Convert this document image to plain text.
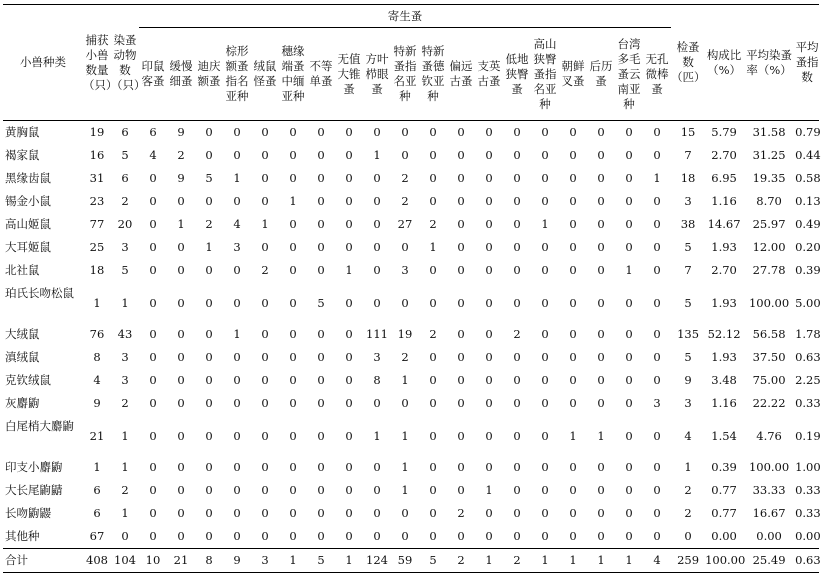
小兽种类	捕获小兽数量（只）	染蚤动物数（只）	寄生蚤																			检蚤数（匹）	构成比（%）	平均染蚤率（%）	平均蚤指数
			印鼠客蚤	缓慢细蚤	迪庆额蚤	棕形额蚤指名亚种	绒鼠怪蚤	穗缘端蚤中缅亚种	不等单蚤	无值大锥蚤	方叶栉眼蚤	特新蚤指名亚种	特新蚤德钦亚种	偏远古蚤	支英古蚤	低地狭臀蚤	高山狭臀蚤指名亚种	朝鲜叉蚤	后历蚤	台湾多毛蚤云南亚种	无孔微棒蚤				
黄胸鼠	19	6	6	9	0	0	0	0	0	0	0	0	0	0	0	0	0	0	0	0	0	15	5.79	31.58	0.79
褐家鼠	16	5	4	2	0	0	0	0	0	0	1	0	0	0	0	0	0	0	0	0	0	7	2.70	31.25	0.44
黑缘齿鼠	31	6	0	9	5	1	0	0	0	0	0	2	0	0	0	0	0	0	0	0	1	18	6.95	19.35	0.58
锡金小鼠	23	2	0	0	0	0	0	1	0	0	0	2	0	0	0	0	0	0	0	0	0	3	1.16	8.70	0.13
高山姬鼠	77	20	0	1	2	4	1	0	0	0	0	27	2	0	0	0	1	0	0	0	0	38	14.67	25.97	0.49
大耳姬鼠	25	3	0	0	1	3	0	0	0	0	0	0	1	0	0	0	0	0	0	0	0	5	1.93	12.00	0.20
北社鼠	18	5	0	0	0	0	2	0	0	1	0	3	0	0	0	0	0	0	0	1	0	7	2.70	27.78	0.39
珀氏长吻松鼠	1	1	0	0	0	0	0	0	5	0	0	0	0	0	0	0	0	0	0	0	0	5	1.93	100.00	5.00
大绒鼠	76	43	0	0	0	1	0	0	0	0	111	19	2	0	0	2	0	0	0	0	0	135	52.12	56.58	1.78
滇绒鼠	8	3	0	0	0	0	0	0	0	0	3	2	0	0	0	0	0	0	0	0	0	5	1.93	37.50	0.63
克钦绒鼠	4	3	0	0	0	0	0	0	0	0	8	1	0	0	0	0	0	0	0	0	0	9	3.48	75.00	2.25
灰麝鼩	9	2	0	0	0	0	0	0	0	0	0	0	0	0	0	0	0	0	0	0	3	3	1.16	22.22	0.33
白尾梢大麝鼩	21	1	0	0	0	0	0	0	0	0	1	1	0	0	0	0	0	1	1	0	0	4	1.54	4.76	0.19
印支小麝鼩	1	1	0	0	0	0	0	0	0	0	0	1	0	0	0	0	0	0	0	0	0	1	0.39	100.00	1.00
大长尾鼩鼱	6	2	0	0	0	0	0	0	0	0	0	1	0	0	1	0	0	0	0	0	0	2	0.77	33.33	0.33
长吻鼩鼹	6	1	0	0	0	0	0	0	0	0	0	0	0	2	0	0	0	0	0	0	0	2	0.77	16.67	0.33
其他种	67	0	0	0	0	0	0	0	0	0	0	0	0	0	0	0	0	0	0	0	0	0	0.00	0.00	0.00
合计	408	104	10	21	8	9	3	1	5	1	124	59	5	2	1	2	1	1	1	1	4	259	100.00	25.49	0.63
